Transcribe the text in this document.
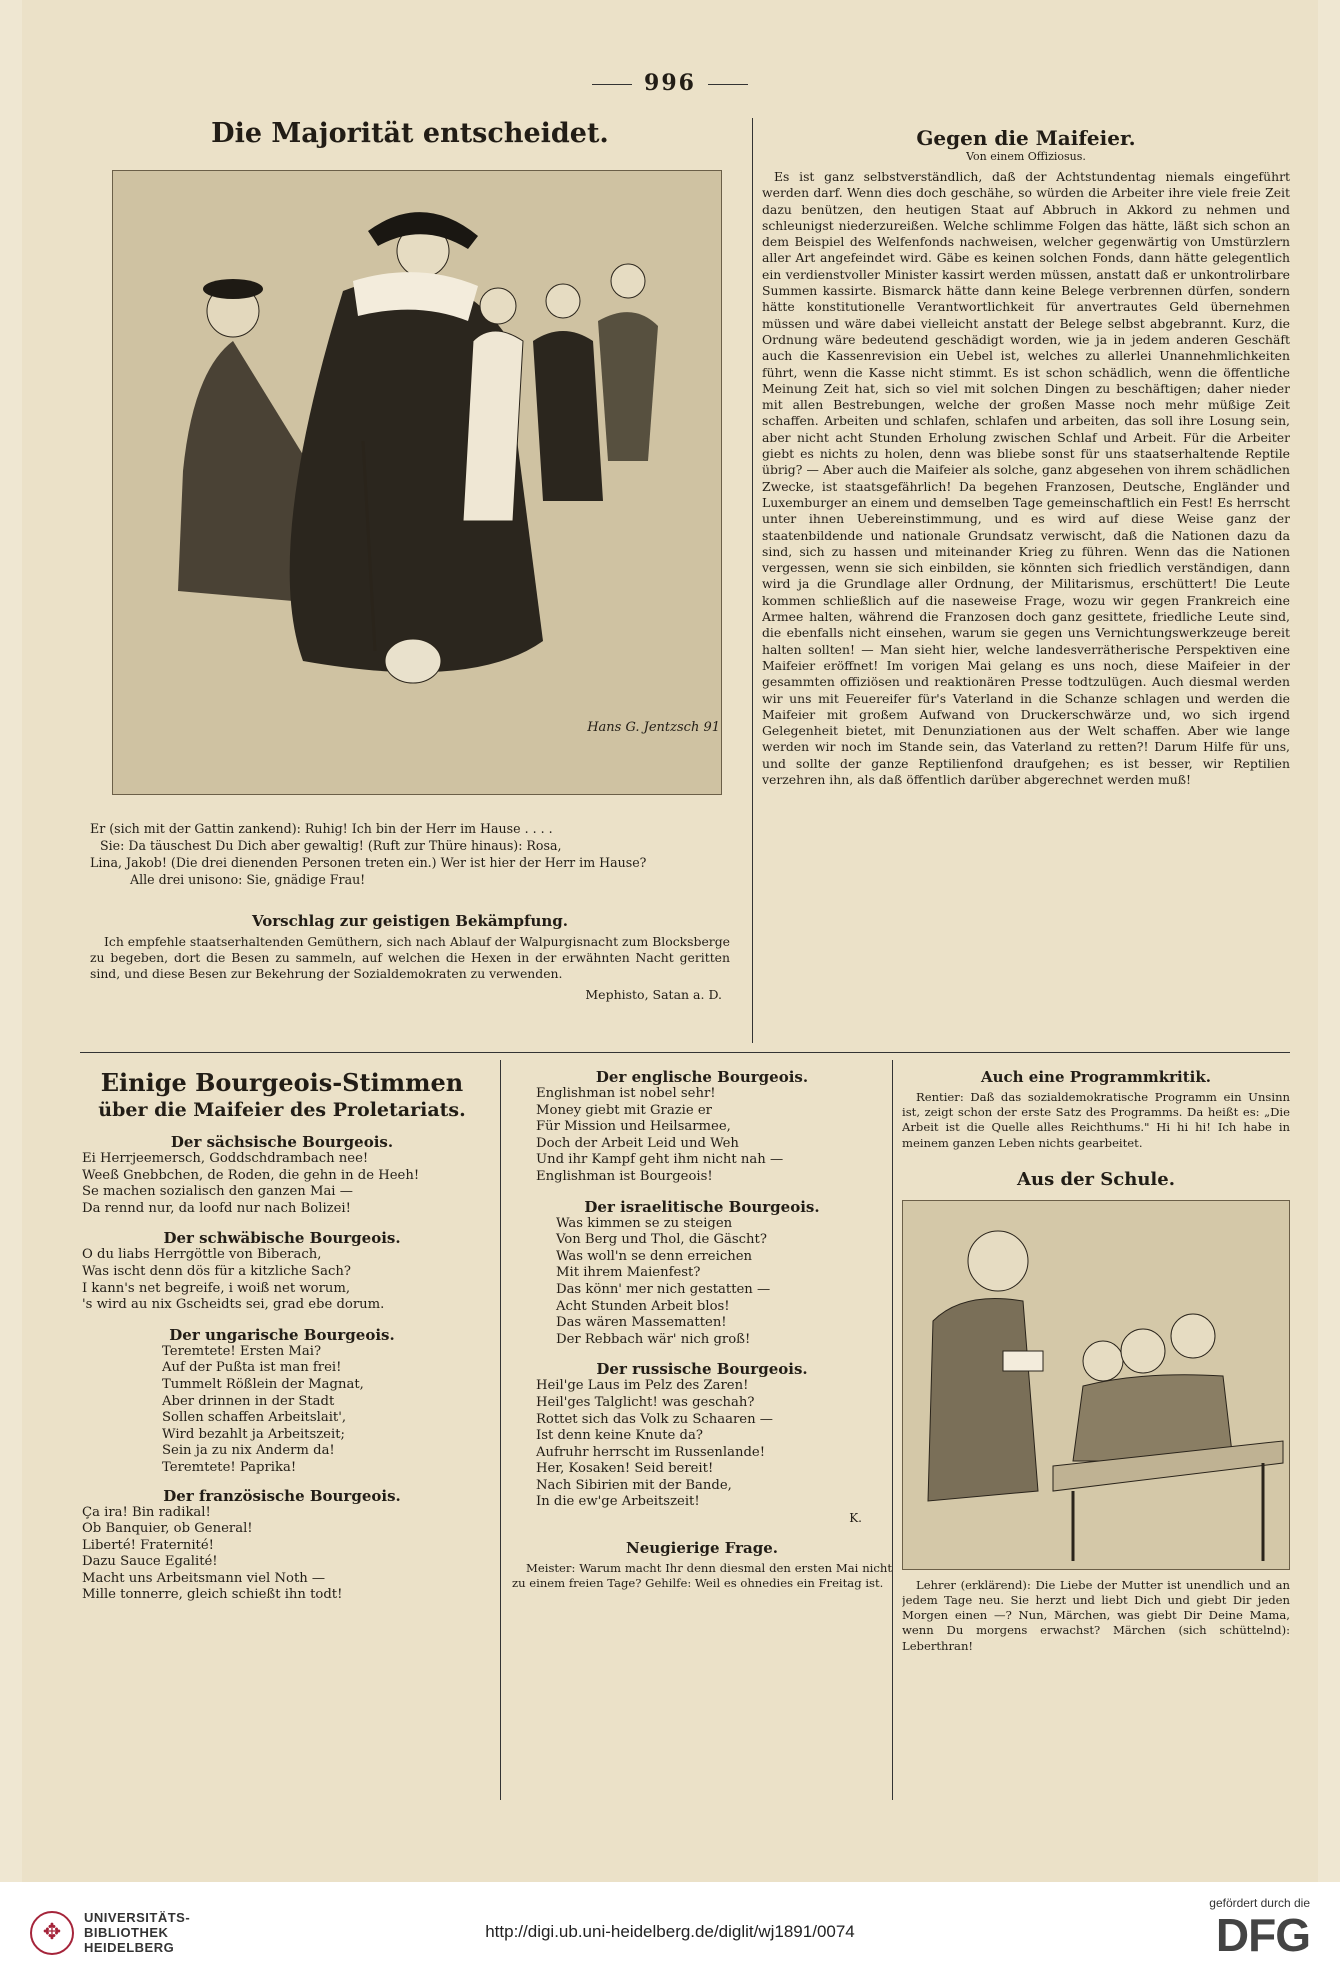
996
Die Majorität entscheidet.
Hans G. Jentzsch 91
Er (sich mit der Gattin zankend): Ruhig! Ich bin der Herr im Hause . . . .
Sie: Da täuschest Du Dich aber gewaltig! (Ruft zur Thüre hinaus): Rosa,
Lina, Jakob! (Die drei dienenden Personen treten ein.) Wer ist hier der Herr im Hause?
Alle drei unisono: Sie, gnädige Frau!
Vorschlag zur geistigen Bekämpfung.
Ich empfehle staatserhaltenden Gemüthern, sich nach Ablauf der Walpurgisnacht zum Blocksberge zu begeben, dort die Besen zu sammeln, auf welchen die Hexen in der erwähnten Nacht geritten sind, und diese Besen zur Bekehrung der Sozialdemokraten zu verwenden.
Mephisto, Satan a. D.
Gegen die Maifeier.
Von einem Offiziosus.
Es ist ganz selbstverständlich, daß der Achtstundentag niemals eingeführt werden darf. Wenn dies doch geschähe, so würden die Arbeiter ihre viele freie Zeit dazu benützen, den heutigen Staat auf Abbruch in Akkord zu nehmen und schleunigst niederzureißen. Welche schlimme Folgen das hätte, läßt sich schon an dem Beispiel des Welfenfonds nachweisen, welcher gegenwärtig von Umstürzlern aller Art angefeindet wird. Gäbe es keinen solchen Fonds, dann hätte gelegentlich ein verdienstvoller Minister kassirt werden müssen, anstatt daß er unkontrolirbare Summen kassirte. Bismarck hätte dann keine Belege verbrennen dürfen, sondern hätte konstitutionelle Verantwortlichkeit für anvertrautes Geld übernehmen müssen und wäre dabei vielleicht anstatt der Belege selbst abgebrannt. Kurz, die Ordnung wäre bedeutend geschädigt worden, wie ja in jedem anderen Geschäft auch die Kassenrevision ein Uebel ist, welches zu allerlei Unannehmlichkeiten führt, wenn die Kasse nicht stimmt. Es ist schon schädlich, wenn die öffentliche Meinung Zeit hat, sich so viel mit solchen Dingen zu beschäftigen; daher nieder mit allen Bestrebungen, welche der großen Masse noch mehr müßige Zeit schaffen. Arbeiten und schlafen, schlafen und arbeiten, das soll ihre Losung sein, aber nicht acht Stunden Erholung zwischen Schlaf und Arbeit. Für die Arbeiter giebt es nichts zu holen, denn was bliebe sonst für uns staatserhaltende Reptile übrig? — Aber auch die Maifeier als solche, ganz abgesehen von ihrem schädlichen Zwecke, ist staatsgefährlich! Da begehen Franzosen, Deutsche, Engländer und Luxemburger an einem und demselben Tage gemeinschaftlich ein Fest! Es herrscht unter ihnen Uebereinstimmung, und es wird auf diese Weise ganz der staatenbildende und nationale Grundsatz verwischt, daß die Nationen dazu da sind, sich zu hassen und miteinander Krieg zu führen. Wenn das die Nationen vergessen, wenn sie sich einbilden, sie könnten sich friedlich verständigen, dann wird ja die Grundlage aller Ordnung, der Militarismus, erschüttert! Die Leute kommen schließlich auf die naseweise Frage, wozu wir gegen Frankreich eine Armee halten, während die Franzosen doch ganz gesittete, friedliche Leute sind, die ebenfalls nicht einsehen, warum sie gegen uns Vernichtungswerkzeuge bereit halten sollten! — Man sieht hier, welche landesverrätherische Perspektiven eine Maifeier eröffnet! Im vorigen Mai gelang es uns noch, diese Maifeier in der gesammten offiziösen und reaktionären Presse todtzulügen. Auch diesmal werden wir uns mit Feuereifer für's Vaterland in die Schanze schlagen und werden die Maifeier mit großem Aufwand von Druckerschwärze und, wo sich irgend Gelegenheit bietet, mit Denunziationen aus der Welt schaffen. Aber wie lange werden wir noch im Stande sein, das Vaterland zu retten?! Darum Hilfe für uns, und sollte der ganze Reptilienfond draufgehen; es ist besser, wir Reptilien verzehren ihn, als daß öffentlich darüber abgerechnet werden muß!
Einige Bourgeois-Stimmen
über die Maifeier des Proletariats.
Der sächsische Bourgeois.
Ei Herrjeemersch, Goddschdrambach nee!
Weeß Gnebbchen, de Roden, die gehn in de Heeh!
Se machen sozialisch den ganzen Mai —
Da rennd nur, da loofd nur nach Bolizei!
Der schwäbische Bourgeois.
O du liabs Herrgöttle von Biberach,
Was ischt denn dös für a kitzliche Sach?
I kann's net begreife, i woiß net worum,
's wird au nix Gscheidts sei, grad ebe dorum.
Der ungarische Bourgeois.
Teremtete! Ersten Mai?
Auf der Pußta ist man frei!
Tummelt Rößlein der Magnat,
Aber drinnen in der Stadt
Sollen schaffen Arbeitslait',
Wird bezahlt ja Arbeitszeit;
Sein ja zu nix Anderm da!
Teremtete! Paprika!
Der französische Bourgeois.
Ça ira! Bin radikal!
Ob Banquier, ob General!
Liberté! Fraternité!
Dazu Sauce Egalité!
Macht uns Arbeitsmann viel Noth —
Mille tonnerre, gleich schießt ihn todt!
Der englische Bourgeois.
Englishman ist nobel sehr!
Money giebt mit Grazie er
Für Mission und Heilsarmee,
Doch der Arbeit Leid und Weh
Und ihr Kampf geht ihm nicht nah —
Englishman ist Bourgeois!
Der israelitische Bourgeois.
Was kimmen se zu steigen
Von Berg und Thol, die Gäscht?
Was woll'n se denn erreichen
Mit ihrem Maienfest?
Das könn' mer nich gestatten —
Acht Stunden Arbeit blos!
Das wären Massematten!
Der Rebbach wär' nich groß!
Der russische Bourgeois.
Heil'ge Laus im Pelz des Zaren!
Heil'ges Talglicht! was geschah?
Rottet sich das Volk zu Schaaren —
Ist denn keine Knute da?
Aufruhr herrscht im Russenlande!
Her, Kosaken! Seid bereit!
Nach Sibirien mit der Bande,
In die ew'ge Arbeitszeit!
K.
Neugierige Frage.
Meister: Warum macht Ihr denn diesmal den ersten Mai nicht zu einem freien Tage? Gehilfe: Weil es ohnedies ein Freitag ist.
Auch eine Programmkritik.
Rentier: Daß das sozialdemokratische Programm ein Unsinn ist, zeigt schon der erste Satz des Programms. Da heißt es: „Die Arbeit ist die Quelle alles Reichthums." Hi hi hi! Ich habe in meinem ganzen Leben nichts gearbeitet.
Aus der Schule.
Lehrer (erklärend): Die Liebe der Mutter ist unendlich und an jedem Tage neu. Sie herzt und liebt Dich und giebt Dir jeden Morgen einen —? Nun, Märchen, was giebt Dir Deine Mama, wenn Du morgens erwachst? Märchen (sich schüttelnd): Leberthran!
✥
UNIVERSITÄTS-
BIBLIOTHEK
HEIDELBERG
http://digi.ub.uni-heidelberg.de/diglit/wj1891/0074
gefördert durch die
DFG
